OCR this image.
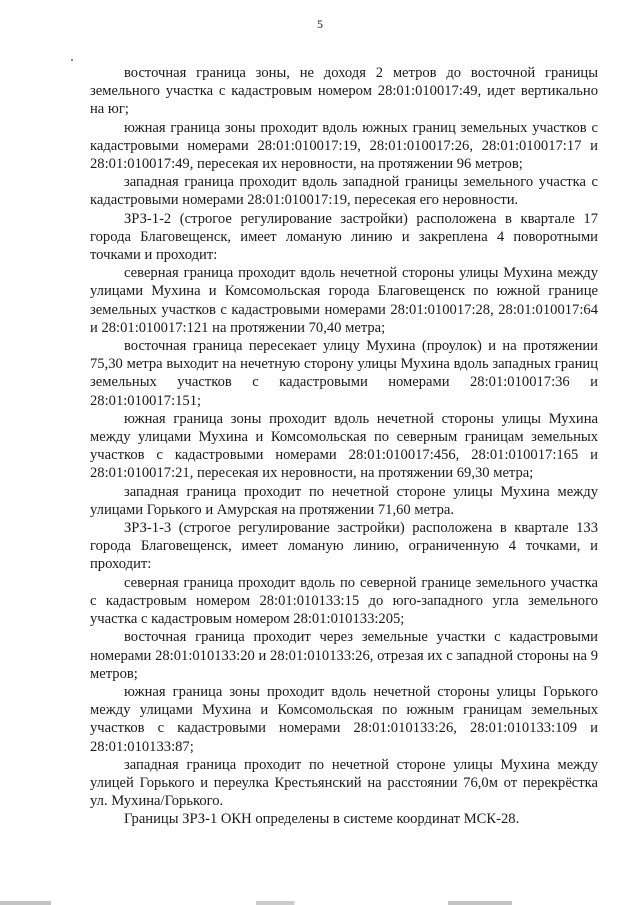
5

восточная граница зоны, не доходя 2 метров до восточной границы земельного участка с кадастровым номером 28:01:010017:49, идет вертикально на юг;

южная граница зоны проходит вдоль южных границ земельных участков с кадастровыми номерами 28:01:010017:19, 28:01:010017:26, 28:01:010017:17 и 28:01:010017:49, пересекая их неровности, на протяжении 96 метров;

западная граница проходит вдоль западной границы земельного участка с кадастровыми номерами 28:01:010017:19, пересекая его неровности.

ЗРЗ-1-2 (строгое регулирование застройки) расположена в квартале 17 города Благовещенск, имеет ломаную линию и закреплена 4 поворотными точками и проходит:

северная граница проходит вдоль нечетной стороны улицы Мухина между улицами Мухина и Комсомольская города Благовещенск по южной границе земельных участков с кадастровыми номерами 28:01:010017:28, 28:01:010017:64 и 28:01:010017:121 на протяжении 70,40 метра;

восточная граница пересекает улицу Мухина (проулок) и на протяжении 75,30 метра выходит на нечетную сторону улицы Мухина вдоль западных границ земельных участков с кадастровыми номерами 28:01:010017:36 и 28:01:010017:151;

южная граница зоны проходит вдоль нечетной стороны улицы Мухина между улицами Мухина и Комсомольская по северным границам земельных участков с кадастровыми номерами 28:01:010017:456, 28:01:010017:165 и 28:01:010017:21, пересекая их неровности, на протяжении 69,30 метра;

западная граница проходит по нечетной стороне улицы Мухина между улицами Горького и Амурская на протяжении 71,60 метра.

ЗРЗ-1-3 (строгое регулирование застройки) расположена в квартале 133 города Благовещенск, имеет ломаную линию, ограниченную 4 точками, и проходит:

северная граница проходит вдоль по северной границе земельного участка с кадастровым номером 28:01:010133:15 до юго-западного угла земельного участка с кадастровым номером 28:01:010133:205;

восточная граница проходит через земельные участки с кадастровыми номерами 28:01:010133:20 и 28:01:010133:26, отрезая их с западной стороны на 9 метров;

южная граница зоны проходит вдоль нечетной стороны улицы Горького между улицами Мухина и Комсомольская по южным границам земельных участков с кадастровыми номерами 28:01:010133:26, 28:01:010133:109 и 28:01:010133:87;

западная граница проходит по нечетной стороне улицы Мухина между улицей Горького и переулка Крестьянский на расстоянии 76,0м от перекрёстка ул. Мухина/Горького.

Границы ЗРЗ-1 ОКН определены в системе координат МСК-28.
